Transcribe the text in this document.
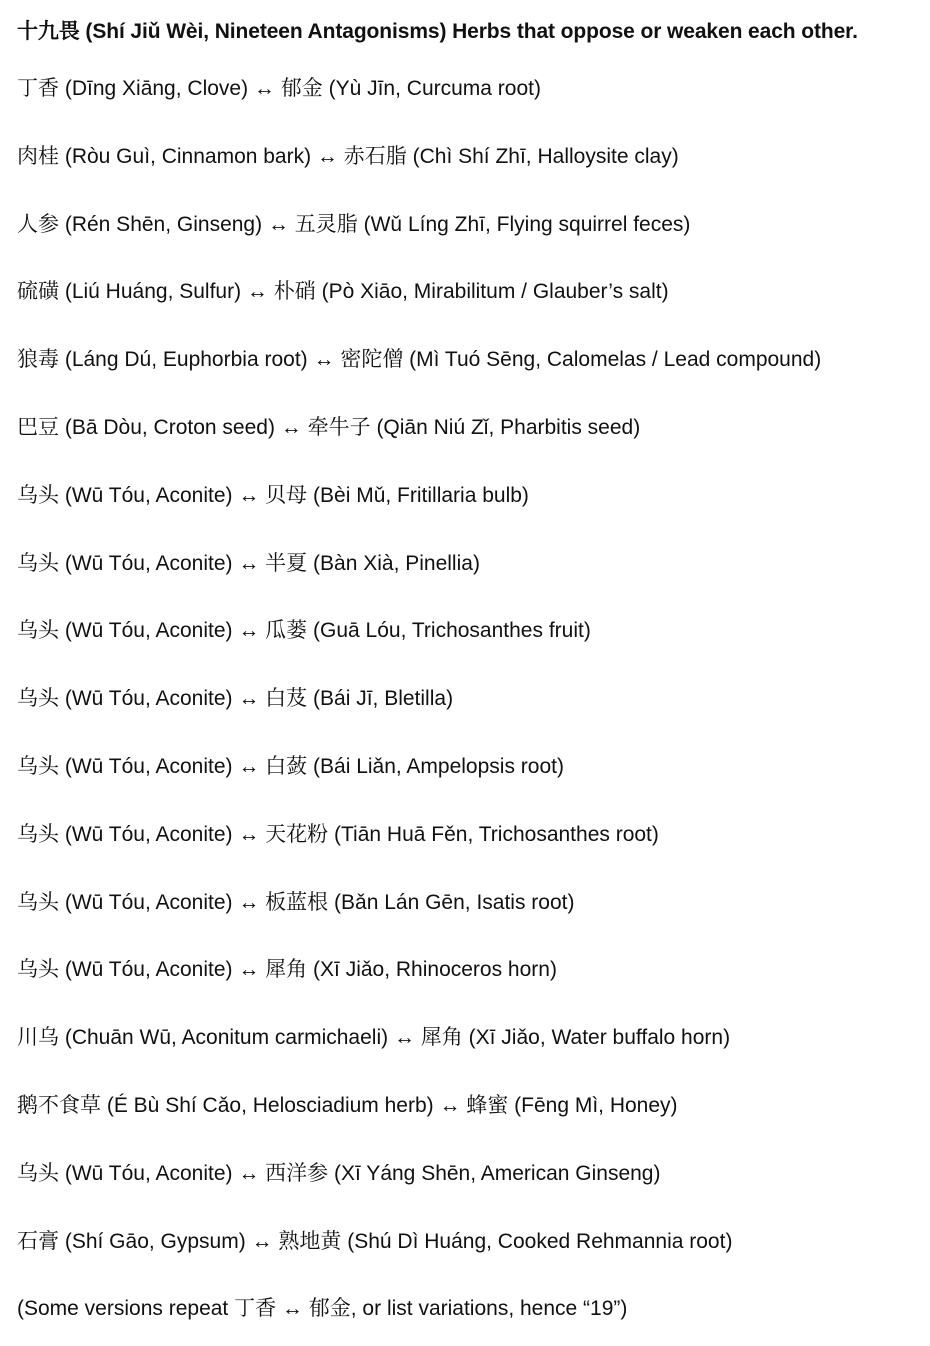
十九畏 (Shí Jiǔ Wèi, Nineteen Antagonisms) Herbs that oppose or weaken each other.
丁香 (Dīng Xiāng, Clove) ↔ 郁金 (Yù Jīn, Curcuma root)
肉桂 (Ròu Guì, Cinnamon bark) ↔ 赤石脂 (Chì Shí Zhī, Halloysite clay)
人参 (Rén Shēn, Ginseng) ↔ 五灵脂 (Wǔ Líng Zhī, Flying squirrel feces)
硫磺 (Liú Huáng, Sulfur) ↔ 朴硝 (Pò Xiāo, Mirabilitum / Glauber’s salt)
狼毒 (Láng Dú, Euphorbia root) ↔ 密陀僧 (Mì Tuó Sēng, Calomelas / Lead compound)
巴豆 (Bā Dòu, Croton seed) ↔ 牵牛子 (Qiān Niú Zǐ, Pharbitis seed)
乌头 (Wū Tóu, Aconite) ↔ 贝母 (Bèi Mǔ, Fritillaria bulb)
乌头 (Wū Tóu, Aconite) ↔ 半夏 (Bàn Xià, Pinellia)
乌头 (Wū Tóu, Aconite) ↔ 瓜蒌 (Guā Lóu, Trichosanthes fruit)
乌头 (Wū Tóu, Aconite) ↔ 白芨 (Bái Jī, Bletilla)
乌头 (Wū Tóu, Aconite) ↔ 白蔹 (Bái Liǎn, Ampelopsis root)
乌头 (Wū Tóu, Aconite) ↔ 天花粉 (Tiān Huā Fěn, Trichosanthes root)
乌头 (Wū Tóu, Aconite) ↔ 板蓝根 (Bǎn Lán Gēn, Isatis root)
乌头 (Wū Tóu, Aconite) ↔ 犀角 (Xī Jiǎo, Rhinoceros horn)
川乌 (Chuān Wū, Aconitum carmichaeli) ↔ 犀角 (Xī Jiǎo, Water buffalo horn)
鹅不食草 (É Bù Shí Cǎo, Helosciadium herb) ↔ 蜂蜜 (Fēng Mì, Honey)
乌头 (Wū Tóu, Aconite) ↔ 西洋参 (Xī Yáng Shēn, American Ginseng)
石膏 (Shí Gāo, Gypsum) ↔ 熟地黄 (Shú Dì Huáng, Cooked Rehmannia root)

(Some versions repeat 丁香 ↔ 郁金, or list variations, hence “19”)
